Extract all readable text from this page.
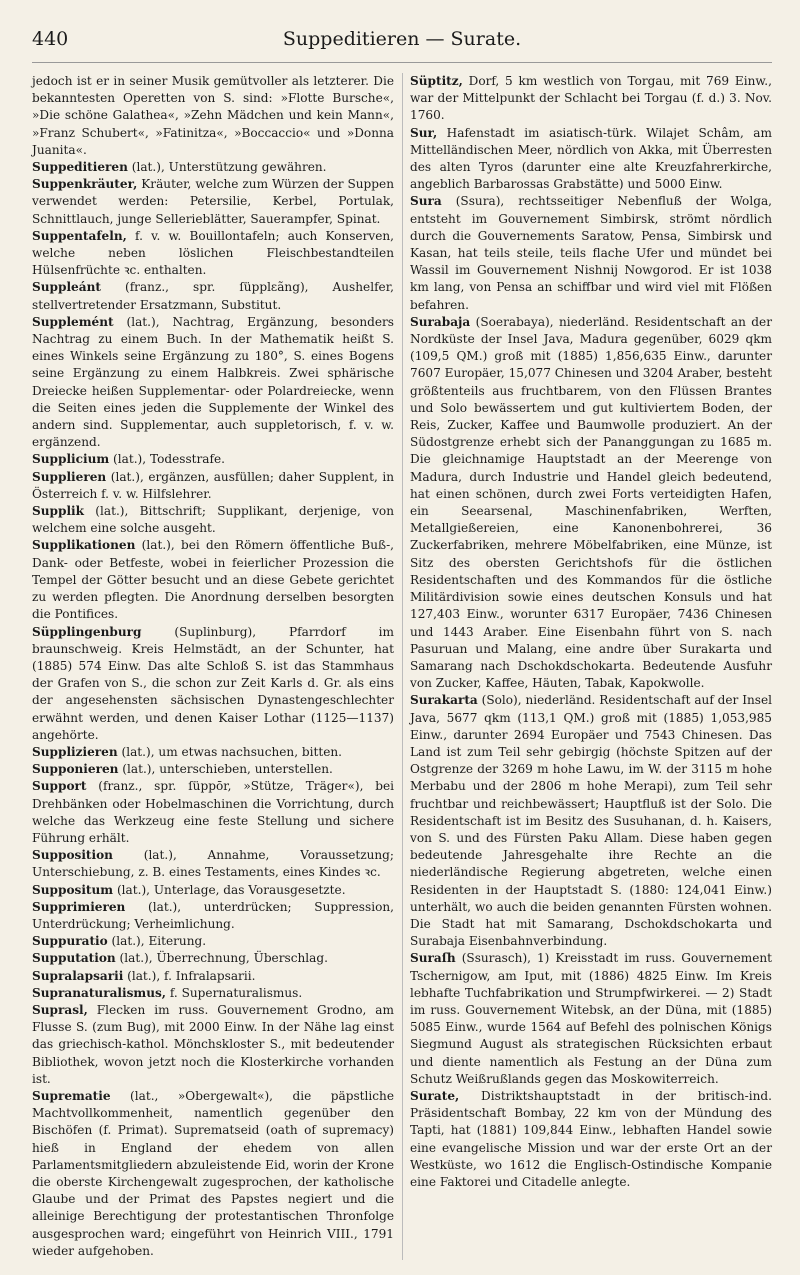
440	Suppeditieren — Surate.

jedoch ist er in seiner Musik gemütvoller als letzterer. Die bekanntesten Operetten von S. sind: »Flotte Bursche«, »Die schöne Galathea«, »Zehn Mädchen und kein Mann«, »Franz Schubert«, »Fatinitza«, »Boccaccio« und »Donna Juanita«.

Suppeditieren (lat.), Unterstützung gewähren.

Suppenkräuter, Kräuter, welche zum Würzen der Suppen verwendet werden: Petersilie, Kerbel, Portulak, Schnittlauch, junge Sellerieblätter, Sauerampfer, Spinat.

Suppentafeln, f. v. w. Bouillontafeln; auch Konserven, welche neben löslichen Fleischbestandteilen Hülsenfrüchte ꝛc. enthalten.

Suppleánt (franz., spr. ſüpplɛãng), Aushelfer, stellvertretender Ersatzmann, Substitut.

Supplemént (lat.), Nachtrag, Ergänzung, besonders Nachtrag zu einem Buch. In der Mathematik heißt S. eines Winkels seine Ergänzung zu 180°, S. eines Bogens seine Ergänzung zu einem Halbkreis. Zwei sphärische Dreiecke heißen Supplementar- oder Polardreiecke, wenn die Seiten eines jeden die Supplemente der Winkel des andern sind. Supplementar, auch suppletorisch, f. v. w. ergänzend.

Supplicium (lat.), Todesstrafe.

Supplieren (lat.), ergänzen, ausfüllen; daher Supplent, in Österreich f. v. w. Hilfslehrer.

Supplik (lat.), Bittschrift; Supplikant, derjenige, von welchem eine solche ausgeht.

Supplikationen (lat.), bei den Römern öffentliche Buß-, Dank- oder Betfeste, wobei in feierlicher Prozession die Tempel der Götter besucht und an diese Gebete gerichtet zu werden pflegten. Die Anordnung derselben besorgten die Pontifices.

Süpplingenburg (Suplinburg), Pfarrdorf im braunschweig. Kreis Helmstädt, an der Schunter, hat (1885) 574 Einw. Das alte Schloß S. ist das Stammhaus der Grafen von S., die schon zur Zeit Karls d. Gr. als eins der angesehensten sächsischen Dynastengeschlechter erwähnt werden, und denen Kaiser Lothar (1125—1137) angehörte.

Supplizieren (lat.), um etwas nachsuchen, bitten.

Supponieren (lat.), unterschieben, unterstellen.

Support (franz., spr. ſüppōr, »Stütze, Träger«), bei Drehbänken oder Hobelmaschinen die Vorrichtung, durch welche das Werkzeug eine feste Stellung und sichere Führung erhält.

Supposition (lat.), Annahme, Voraussetzung; Unterschiebung, z. B. eines Testaments, eines Kindes ꝛc.

Suppositum (lat.), Unterlage, das Vorausgesetzte.

Supprimieren (lat.), unterdrücken; Suppression, Unterdrückung; Verheimlichung.

Suppuratio (lat.), Eiterung.

Supputation (lat.), Überrechnung, Überschlag.

Supralapsarii (lat.), f. Infralapsarii.

Supranaturalismus, f. Supernaturalismus.

Suprasl, Flecken im russ. Gouvernement Grodno, am Flusse S. (zum Bug), mit 2000 Einw. In der Nähe lag einst das griechisch-kathol. Mönchskloster S., mit bedeutender Bibliothek, wovon jetzt noch die Klosterkirche vorhanden ist.

Suprematie (lat., »Obergewalt«), die päpstliche Machtvollkommenheit, namentlich gegenüber den Bischöfen (f. Primat). Suprematseid (oath of supremacy) hieß in England der ehedem von allen Parlamentsmitgliedern abzuleistende Eid, worin der Krone die oberste Kirchengewalt zugesprochen, der katholische Glaube und der Primat des Papstes negiert und die alleinige Berechtigung der protestantischen Thronfolge ausgesprochen ward; eingeführt von Heinrich VIII., 1791 wieder aufgehoben.

Süptitz, Dorf, 5 km westlich von Torgau, mit 769 Einw., war der Mittelpunkt der Schlacht bei Torgau (f. d.) 3. Nov. 1760.

Sur, Hafenstadt im asiatisch-türk. Wilajet Schâm, am Mittelländischen Meer, nördlich von Akka, mit Überresten des alten Tyros (darunter eine alte Kreuzfahrerkirche, angeblich Barbarossas Grabstätte) und 5000 Einw.

Sura (Ssura), rechtsseitiger Nebenfluß der Wolga, entsteht im Gouvernement Simbirsk, strömt nördlich durch die Gouvernements Saratow, Pensa, Simbirsk und Kasan, hat teils steile, teils flache Ufer und mündet bei Wassil im Gouvernement Nishnij Nowgorod. Er ist 1038 km lang, von Pensa an schiffbar und wird viel mit Flößen befahren.

Surabaja (Soerabaya), niederländ. Residentschaft an der Nordküste der Insel Java, Madura gegenüber, 6029 qkm (109,5 QM.) groß mit (1885) 1,856,635 Einw., darunter 7607 Europäer, 15,077 Chinesen und 3204 Araber, besteht größtenteils aus fruchtbarem, von den Flüssen Brantes und Solo bewässertem und gut kultiviertem Boden, der Reis, Zucker, Kaffee und Baumwolle produziert. An der Südostgrenze erhebt sich der Pananggungan zu 1685 m. Die gleichnamige Hauptstadt an der Meerenge von Madura, durch Industrie und Handel gleich bedeutend, hat einen schönen, durch zwei Forts verteidigten Hafen, ein Seearsenal, Maschinenfabriken, Werften, Metallgießereien, eine Kanonenbohrerei, 36 Zuckerfabriken, mehrere Möbelfabriken, eine Münze, ist Sitz des obersten Gerichtshofs für die östlichen Residentschaften und des Kommandos für die östliche Militärdivision sowie eines deutschen Konsuls und hat 127,403 Einw., worunter 6317 Europäer, 7436 Chinesen und 1443 Araber. Eine Eisenbahn führt von S. nach Pasuruan und Malang, eine andre über Surakarta und Samarang nach Dschokdschokarta. Bedeutende Ausfuhr von Zucker, Kaffee, Häuten, Tabak, Kapokwolle.

Surakarta (Solo), niederländ. Residentschaft auf der Insel Java, 5677 qkm (113,1 QM.) groß mit (1885) 1,053,985 Einw., darunter 2694 Europäer und 7543 Chinesen. Das Land ist zum Teil sehr gebirgig (höchste Spitzen auf der Ostgrenze der 3269 m hohe Lawu, im W. der 3115 m hohe Merbabu und der 2806 m hohe Merapi), zum Teil sehr fruchtbar und reichbewässert; Hauptfluß ist der Solo. Die Residentschaft ist im Besitz des Susuhanan, d. h. Kaisers, von S. und des Fürsten Paku Allam. Diese haben gegen bedeutende Jahresgehalte ihre Rechte an die niederländische Regierung abgetreten, welche einen Residenten in der Hauptstadt S. (1880: 124,041 Einw.) unterhält, wo auch die beiden genannten Fürsten wohnen. Die Stadt hat mit Samarang, Dschokdschokarta und Surabaja Eisenbahnverbindung.

Suraſh (Ssurasch), 1) Kreisstadt im russ. Gouvernement Tschernigow, am Iput, mit (1886) 4825 Einw. Im Kreis lebhafte Tuchfabrikation und Strumpfwirkerei. — 2) Stadt im russ. Gouvernement Witebsk, an der Düna, mit (1885) 5085 Einw., wurde 1564 auf Befehl des polnischen Königs Siegmund August als strategischen Rücksichten erbaut und diente namentlich als Festung an der Düna zum Schutz Weißrußlands gegen das Moskowiterreich.

Surate, Distriktshauptstadt in der britisch-ind. Präsidentschaft Bombay, 22 km von der Mündung des Tapti, hat (1881) 109,844 Einw., lebhaften Handel sowie eine evangelische Mission und war der erste Ort an der Westküste, wo 1612 die Englisch-Ostindische Kompanie eine Faktorei und Citadelle anlegte.
